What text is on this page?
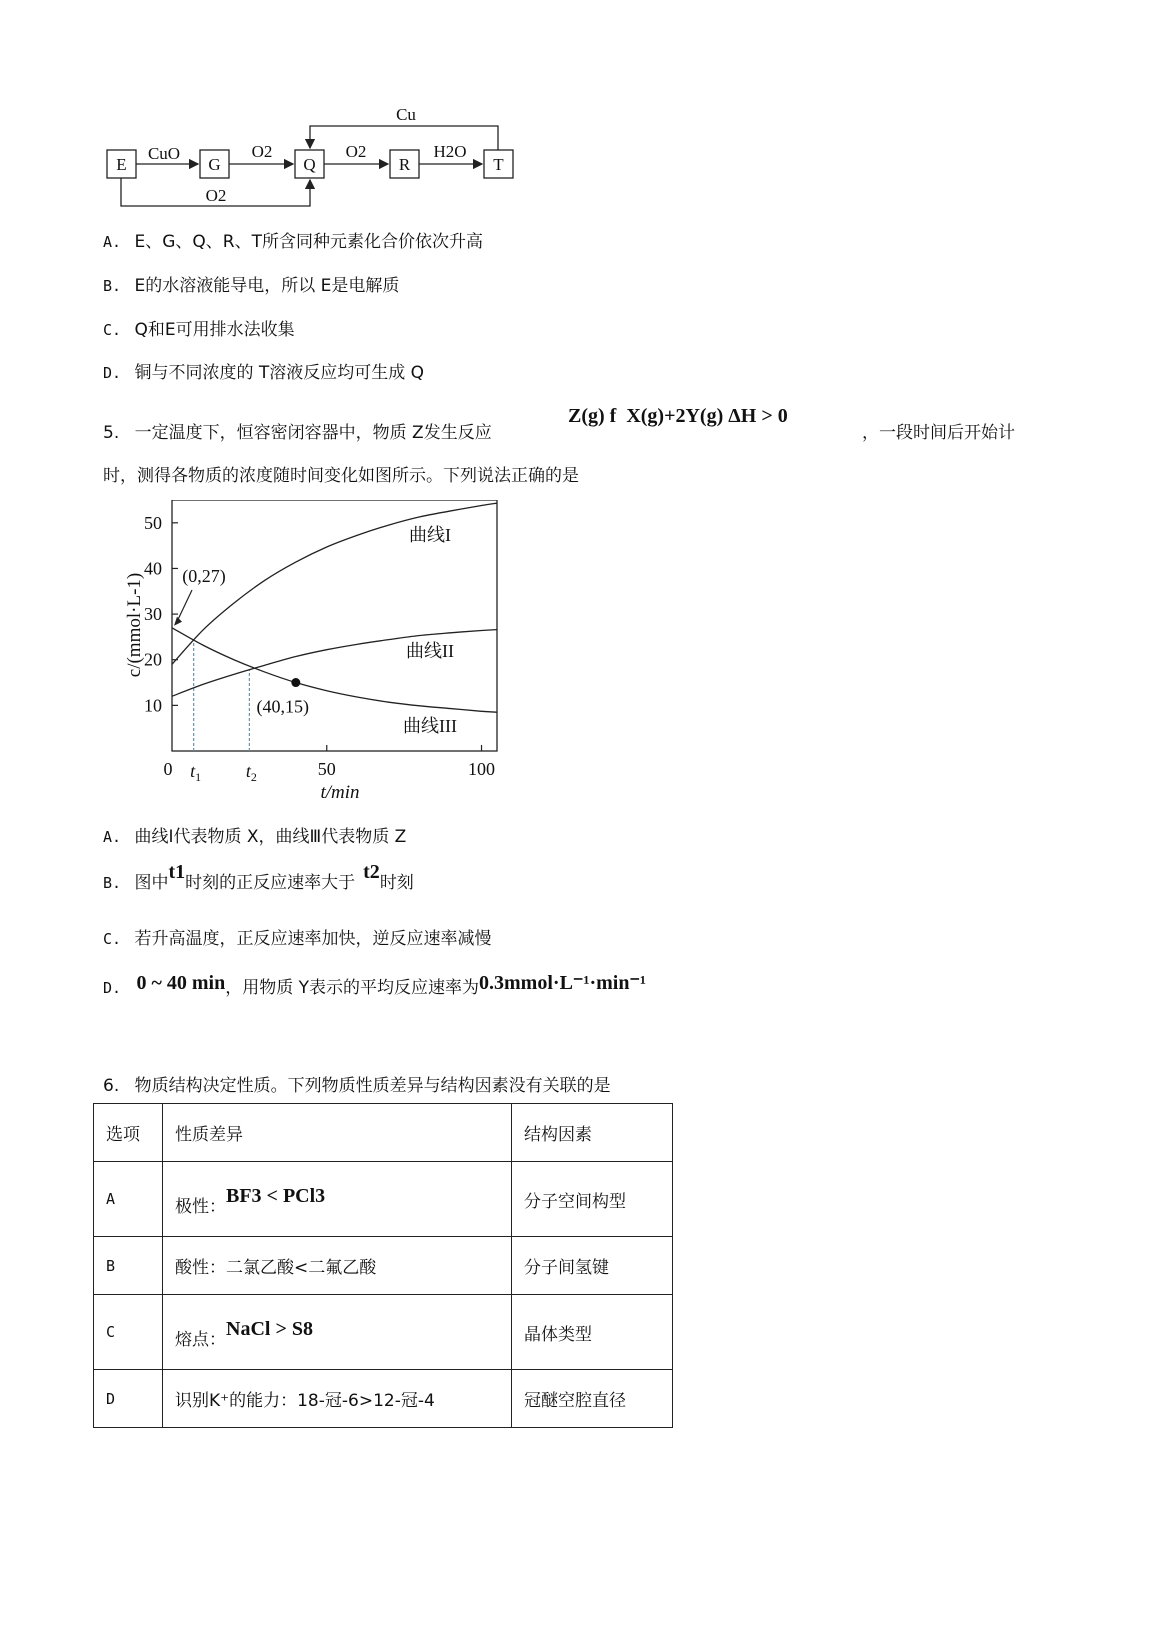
E	G	Q	R	T
CuO	O2	O2	H2O
Cu
O2
A. E、G、Q、R、T所含同种元素化合价依次升高
B. E的水溶液能导电，所以 E是电解质
C. Q和E可用排水法收集
D. 铜与不同浓度的 T溶液反应均可生成 Q
5. 一定温度下，恒容密闭容器中，物质 Z发生反应
Z(g) f  X(g)+2Y(g) ΔH > 0
，一段时间后开始计
时，测得各物质的浓度随时间变化如图所示。下列说法正确的是
10
20
30
40
50
0	50	100
$t_1$ $t_2$
曲线I
曲线II
曲线III
(0,27)
(40,15)
c/(mmol·L-1)
t/min
A. 曲线Ⅰ代表物质 X，曲线Ⅲ代表物质 Z
B. 图中t1时刻的正反应速率大于 t2时刻
C. 若升高温度，正反应速率加快，逆反应速率减慢
D. 0 ~ 40 min，用物质 Y表示的平均反应速率为0.3mmol·L⁻¹·min⁻¹
6. 物质结构决定性质。下列物质性质差异与结构因素没有关联的是
选项	性质差异	结构因素
A	极性：BF3 < PCl3	分子空间构型
B	酸性：二氯乙酸<二氟乙酸	分子间氢键
C	熔点：NaCl > S8	晶体类型
D	识别K⁺的能力：18-冠-6>12-冠-4	冠醚空腔直径
